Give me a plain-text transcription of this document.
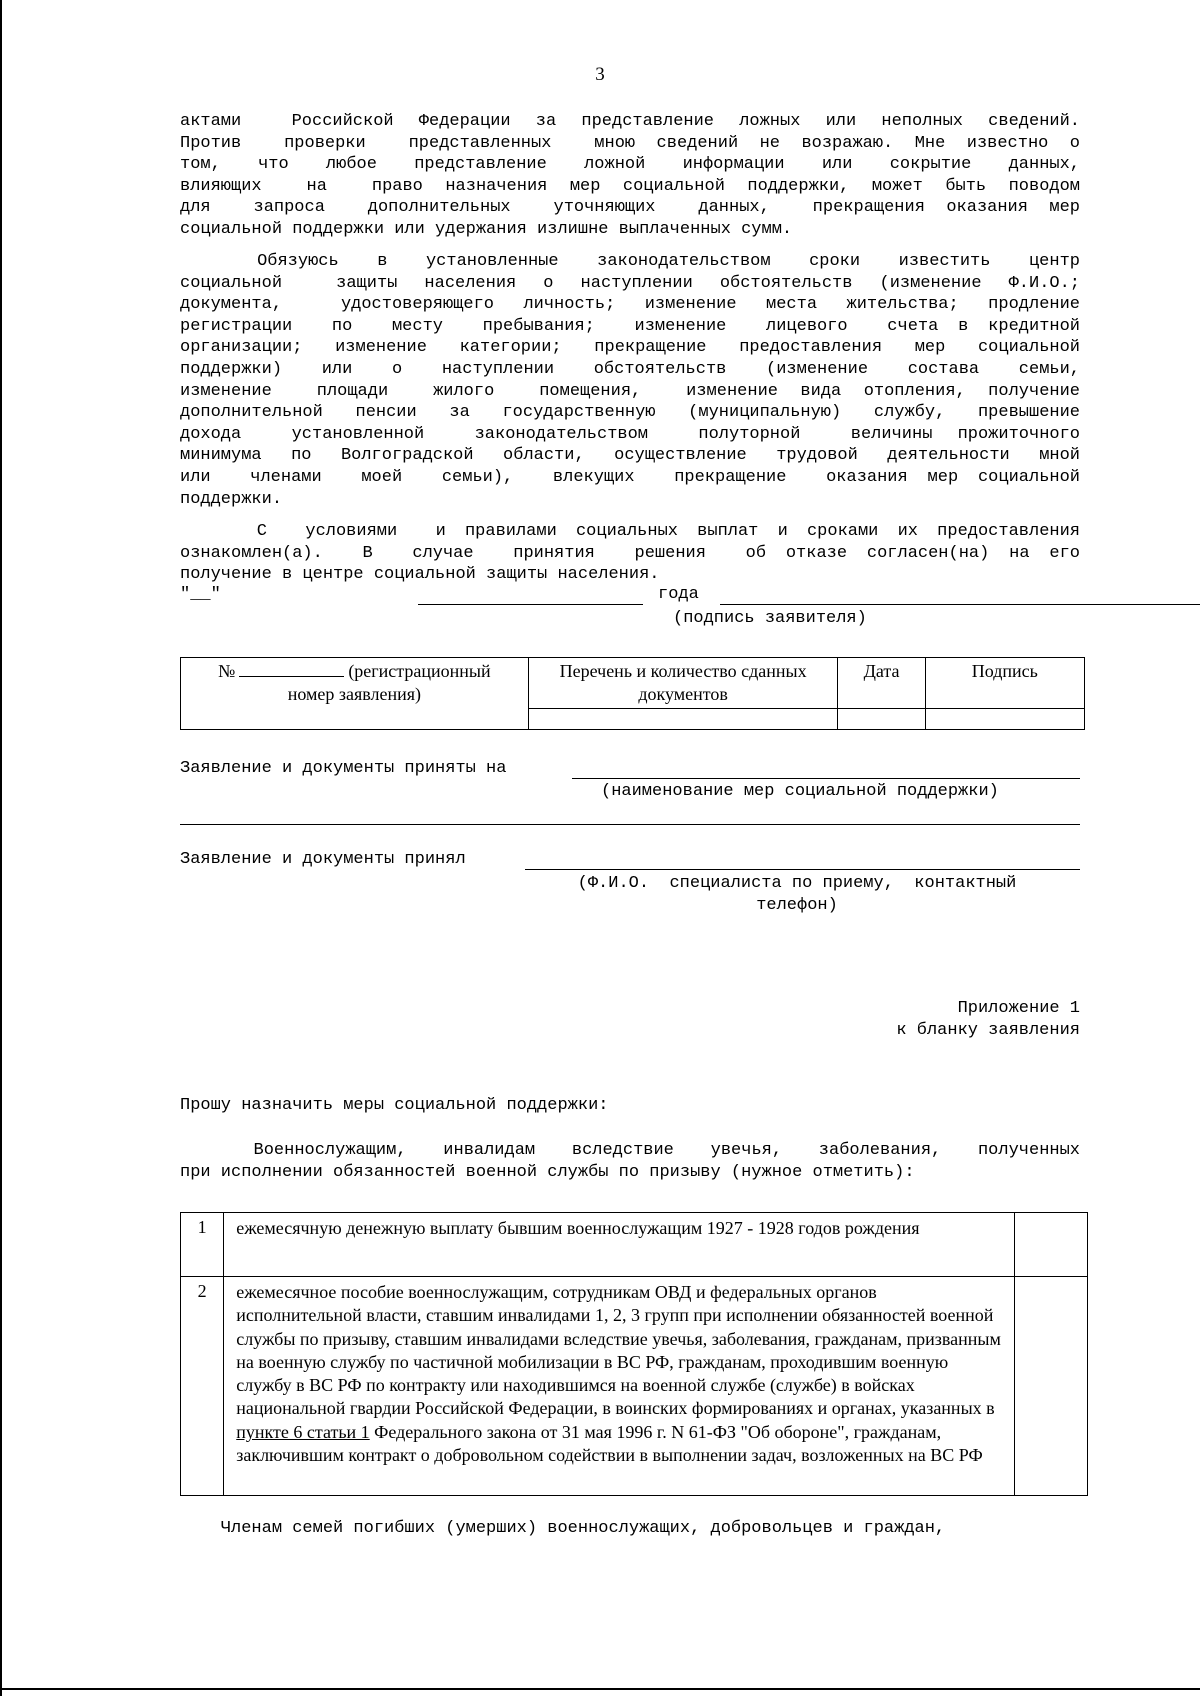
3
актами  Российской Федерации за представление ложных или неполных сведений.
Против  проверки  представленных  мною сведений не возражаю. Мне известно о
том,  что  любое  представление  ложной  информации  или  сокрытие  данных,
влияющих  на  право назначения мер социальной поддержки, может быть поводом
для  запроса  дополнительных  уточняющих  данных,  прекращения оказания мер
социальной поддержки или удержания излишне выплаченных сумм.
Обязуюсь  в  установленные  законодательством  сроки  известить  центр
социальной  защиты населения о наступлении обстоятельств (изменение Ф.И.О.;
документа,  удостоверяющего личность; изменение места жительства; продление
регистрации  по  месту  пребывания;  изменение  лицевого  счета в кредитной
организации; изменение категории; прекращение предоставления мер социальной
поддержки)  или  о  наступлении  обстоятельств  (изменение  состава  семьи,
изменение  площади  жилого  помещения,  изменение вида отопления, получение
дополнительной пенсии за государственную (муниципальную) службу, превышение
дохода  установленной  законодательством  полуторной  величины прожиточного
минимума по Волгоградской области, осуществление трудовой деятельности мной
или  членами  моей  семьи),  влекущих  прекращение  оказания мер социальной
поддержки.
С  условиями  и правилами социальных выплат и сроками их предоставления
ознакомлен(а).  В  случае  принятия  решения  об отказе согласен(на) на его
получение в центре социальной защиты населения.
"__"	года
(подпись заявителя)
№ (регистрационный
номер заявления)	Перечень и количество сданных документов	Дата	Подпись

Заявление и документы приняты на
(наименование мер социальной поддержки)
Заявление и документы принял
(Ф.И.О.  специалиста по приему,  контактный
телефон)
Приложение 1
к бланку заявления
Прошу назначить меры социальной поддержки:
Военнослужащим,  инвалидам  вследствие  увечья,  заболевания,  полученных
при исполнении обязанностей военной службы по призыву (нужное отметить):
1	ежемесячную денежную выплату бывшим военнослужащим 1927 - 1928 годов рождения	
2	ежемесячное пособие военнослужащим, сотрудникам ОВД и федеральных органов исполнительной власти, ставшим инвалидами 1, 2, 3 групп при исполнении обязанностей военной службы по призыву, ставшим инвалидами вследствие увечья, заболевания, гражданам, призванным на военную службу по частичной мобилизации в ВС РФ, гражданам, проходившим военную службу в ВС РФ по контракту или находившимся на военной службе (службе) в войсках национальной гвардии Российской Федерации, в воинских формированиях и органах, указанных в пункте 6 статьи 1 Федерального закона от 31 мая 1996 г. N 61-ФЗ "Об обороне", гражданам, заключившим контракт о добровольном содействии в выполнении задач, возложенных на ВС РФ	
Членам семей погибших (умерших) военнослужащих, добровольцев и граждан,
